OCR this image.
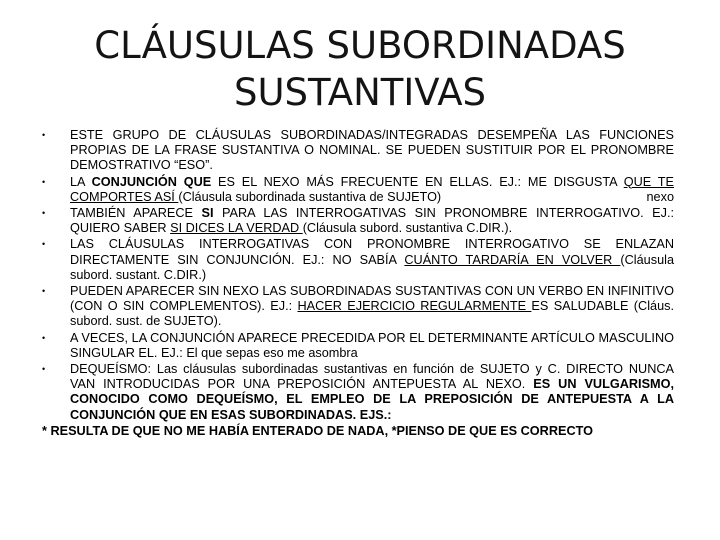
CLÁUSULAS SUBORDINADAS
SUSTANTIVAS
•	ESTE GRUPO DE CLÁUSULAS SUBORDINADAS/INTEGRADAS DESEMPEÑA LAS FUNCIONES PROPIAS DE LA FRASE SUSTANTIVA O NOMINAL. SE PUEDEN SUSTITUIR POR EL PRONOMBRE DEMOSTRATIVO “ESO”.
•	LA CONJUNCIÓN QUE ES EL NEXO MÁS FRECUENTE EN ELLAS. EJ.: ME DISGUSTA QUE TE COMPORTES ASÍ (Cláusula subordinada sustantiva de SUJETO)	nexo
•	TAMBIÉN APARECE SI PARA LAS INTERROGATIVAS SIN PRONOMBRE INTERROGATIVO. EJ.: QUIERO SABER SI DICES LA VERDAD (Cláusula subord. sustantiva C.DIR.).
•	LAS CLÁUSULAS INTERROGATIVAS CON PRONOMBRE INTERROGATIVO SE ENLAZAN DIRECTAMENTE SIN CONJUNCIÓN. EJ.: NO SABÍA CUÁNTO TARDARÍA EN VOLVER (Cláusula subord. sustant. C.DIR.)
•	PUEDEN APARECER SIN NEXO LAS SUBORDINADAS SUSTANTIVAS CON UN VERBO EN INFINITIVO (CON O SIN COMPLEMENTOS). EJ.: HACER EJERCICIO REGULARMENTE ES SALUDABLE (Cláus. subord. sust. de SUJETO).
•	A VECES, LA CONJUNCIÓN APARECE PRECEDIDA POR EL DETERMINANTE ARTÍCULO MASCULINO SINGULAR EL. EJ.: El que sepas eso me asombra
•	DEQUEÍSMO: Las cláusulas subordinadas sustantivas en función de SUJETO y C. DIRECTO NUNCA VAN INTRODUCIDAS POR UNA PREPOSICIÓN ANTEPUESTA AL NEXO. ES UN VULGARISMO, CONOCIDO COMO DEQUEÍSMO, EL EMPLEO DE LA PREPOSICIÓN DE ANTEPUESTA A LA CONJUNCIÓN QUE EN ESAS SUBORDINADAS. EJS.:
* RESULTA DE QUE NO ME HABÍA ENTERADO DE NADA, *PIENSO DE QUE ES CORRECTO
